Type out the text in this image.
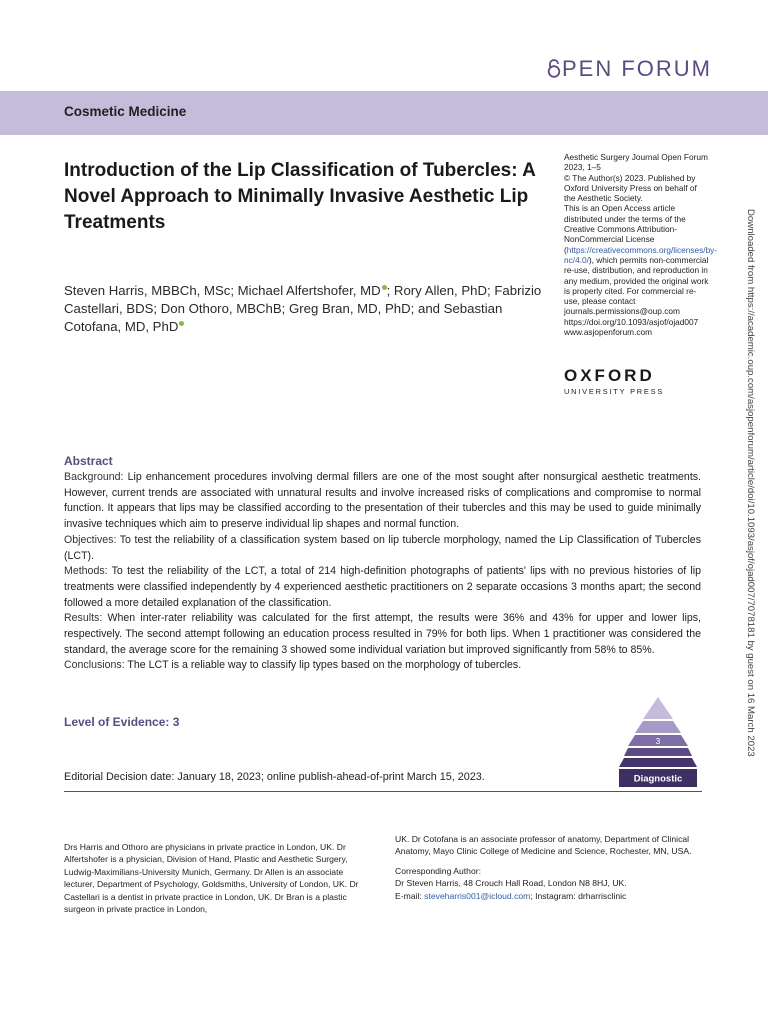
PEN FORUM
Cosmetic Medicine
Introduction of the Lip Classification of Tubercles: A Novel Approach to Minimally Invasive Aesthetic Lip Treatments
Steven Harris, MBBCh, MSc; Michael Alfertshofer, MD ; Rory Allen, PhD; Fabrizio Castellari, BDS; Don Othoro, MBChB; Greg Bran, MD, PhD; and Sebastian Cotofana, MD, PhD
Aesthetic Surgery Journal Open Forum
2023, 1–5
© The Author(s) 2023. Published by Oxford University Press on behalf of the Aesthetic Society.
This is an Open Access article distributed under the terms of the Creative Commons Attribution-NonCommercial License (https://creativecommons.org/licenses/by-nc/4.0/), which permits non-commercial re-use, distribution, and reproduction in any medium, provided the original work is properly cited. For commercial re-use, please contact journals.permissions@oup.com
https://doi.org/10.1093/asjof/ojad007
www.asjopenforum.com
OXFORD
UNIVERSITY PRESS	Downloaded from https://academic.oup.com/asjopenforum/article/doi/10.1093/asjof/ojad007/7078181 by guest on 16 March 2023
Abstract

Background: Lip enhancement procedures involving dermal fillers are one of the most sought after nonsurgical aesthetic treatments. However, current trends are associated with unnatural results and involve increased risks of complications and compromise to normal function. It appears that lips may be classified according to the presentation of their tubercles and this may be used to guide minimally invasive techniques which aim to preserve individual lip shapes and normal function.

Objectives: To test the reliability of a classification system based on lip tubercle morphology, named the Lip Classification of Tubercles (LCT).

Methods: To test the reliability of the LCT, a total of 214 high-definition photographs of patients' lips with no previous histories of lip treatments were classified independently by 4 experienced aesthetic practitioners on 2 separate occasions 3 months apart; the second followed a more detailed explanation of the classification.

Results: When inter-rater reliability was calculated for the first attempt, the results were 36% and 43% for upper and lower lips, respectively. The second attempt following an education process resulted in 79% for both lips. When 1 practitioner was considered the standard, the average score for the remaining 3 showed some individual variation but improved significantly from 58% to 85%.

Conclusions: The LCT is a reliable way to classify lip types based on the morphology of tubercles.

Level of Evidence: 3
3
Diagnostic
Editorial Decision date: January 18, 2023; online publish-ahead-of-print March 15, 2023.
Drs Harris and Othoro are physicians in private practice in London, UK. Dr Alfertshofer is a physician, Division of Hand, Plastic and Aesthetic Surgery, Ludwig-Maximilians-University Munich, Germany. Dr Allen is an associate lecturer, Department of Psychology, Goldsmiths, University of London, UK. Dr Castellari is a dentist in private practice in London, UK. Dr Bran is a plastic surgeon in private practice in London,

UK. Dr Cotofana is an associate professor of anatomy, Department of Clinical Anatomy, Mayo Clinic College of Medicine and Science, Rochester, MN, USA.

Corresponding Author:

Dr Steven Harris, 48 Crouch Hall Road, London N8 8HJ, UK.

E-mail: steveharris001@icloud.com; Instagram: drharrisclinic
